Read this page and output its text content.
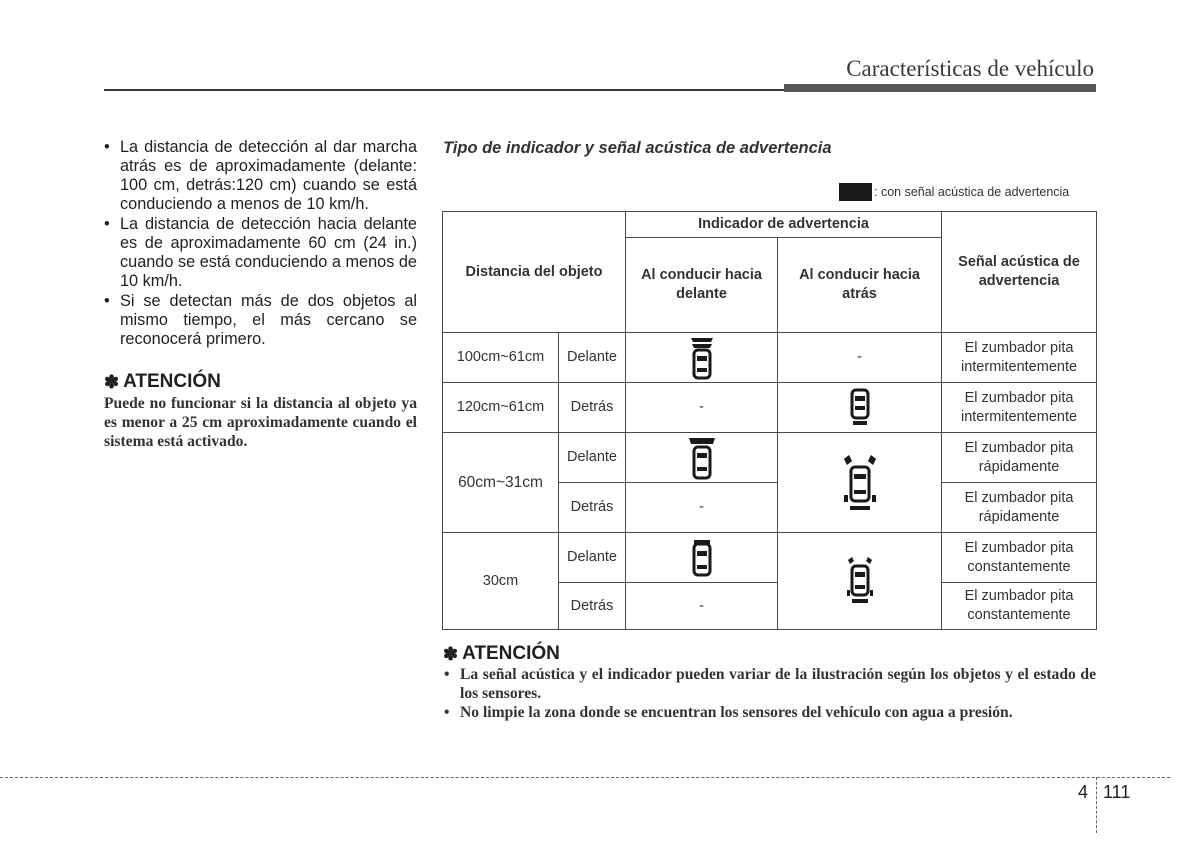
Características de vehículo
• La distancia de detección al dar marcha atrás es de aproximadamente (delante: 100 cm, detrás:120 cm) cuando se está conduciendo a menos de 10 km/h.
• La distancia de detección hacia delante es de aproximadamente 60 cm (24 in.) cuando se está conduciendo a menos de 10 km/h.
• Si se detectan más de dos objetos al mismo tiempo, el más cercano se reconocerá primero.
✽ ATENCIÓN
Puede no funcionar si la distancia al objeto ya es menor a 25 cm aproximadamente cuando el sistema está activado.
Tipo de indicador y señal acústica de advertencia
: con señal acústica de advertencia
Distancia del objeto		Indicador de advertencia		Señal acústica de advertencia
		Al conducir hacia delante	Al conducir hacia atrás	
100cm~61cm	Delante		-	El zumbador pita intermitentemente
120cm~61cm	Detrás	-		El zumbador pita intermitentemente
60cm~31cm	Delante			El zumbador pita rápidamente
	Detrás	-		El zumbador pita rápidamente
30cm	Delante			El zumbador pita constantemente
	Detrás	-		El zumbador pita constantemente
✽ ATENCIÓN
• La señal acústica y el indicador pueden variar de la ilustración según los objetos y el estado de los sensores.
• No limpie la zona donde se encuentran los sensores del vehículo con agua a presión.
4 111
